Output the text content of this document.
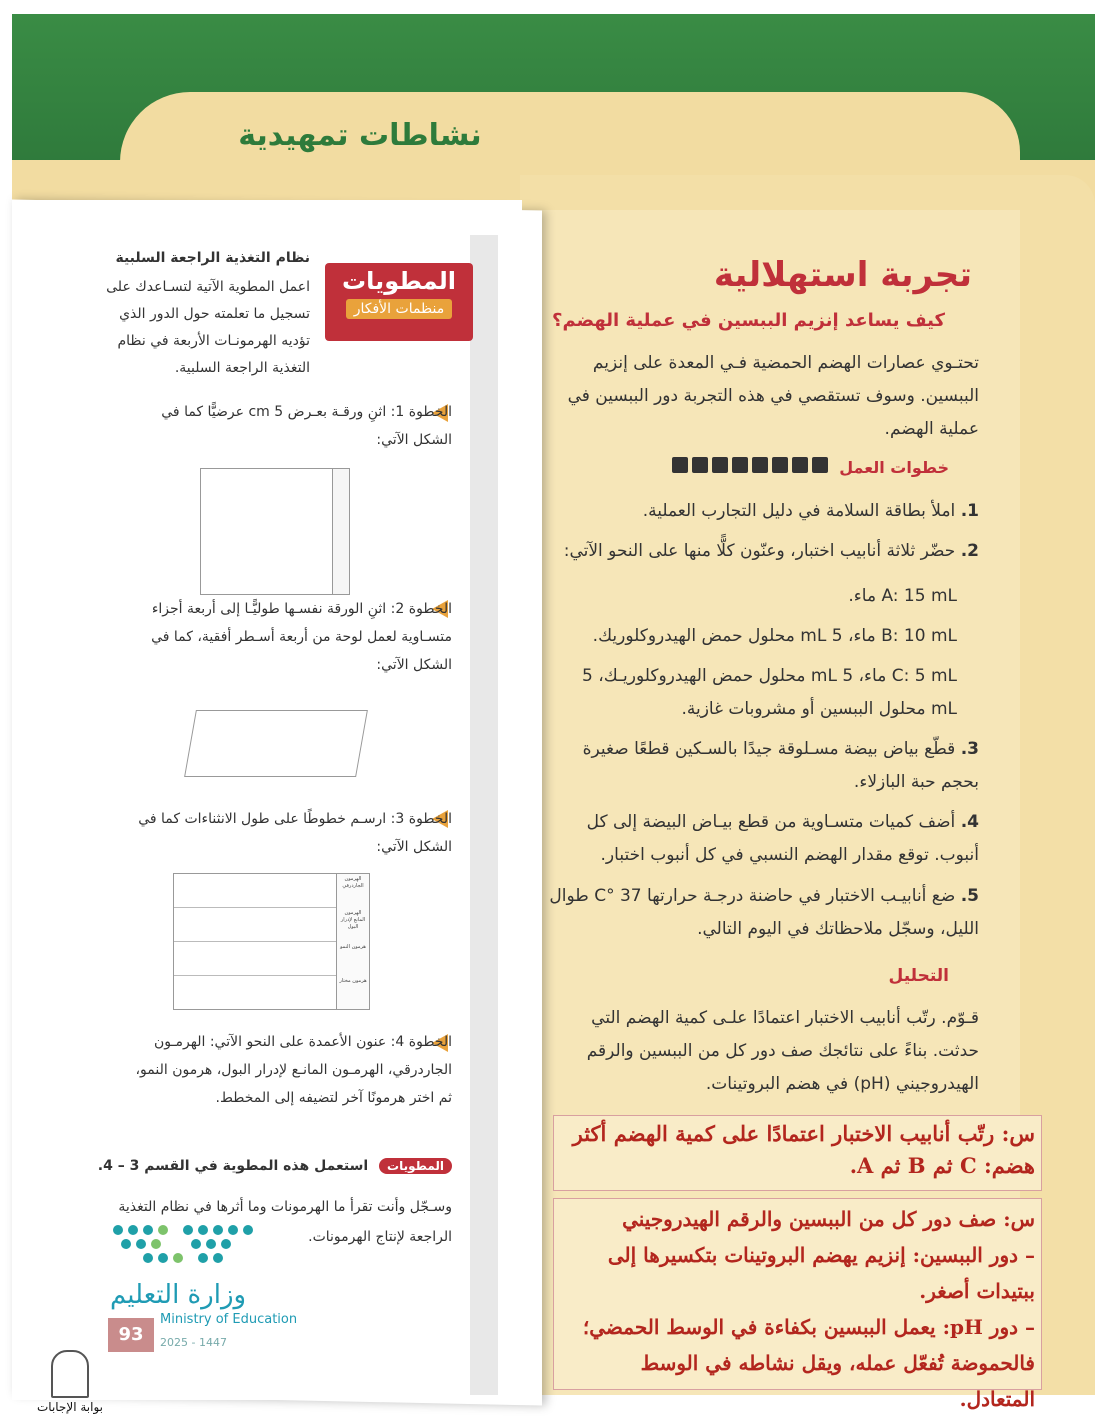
نشاطات تمهيدية
تجربة استهلالية
كيف يساعد إنزيم الببسين في عملية الهضم؟
تحتـوي عصارات الهضم الحمضية فـي المعدة على إنزيم الببسين. وسوف تستقصي في هذه التجربة دور الببسين في عملية الهضم.
خطوات العمل
1. املأ بطاقة السلامة في دليل التجارب العملية.
2. حضّر ثلاثة أنابيب اختبار، وعنّون كلًّا منها على النحو الآتي:
A: 15 mL ماء.
B: 10 mL ماء، 5 mL محلول حمض الهيدروكلوريك.
C: 5 mL ماء، 5 mL محلول حمض الهيدروكلوريـك، 5 mL محلول الببسين أو مشروبات غازية.
3. قطّع بياض بيضة مسـلوقة جيدًا بالسـكين قطعًا صغيرة بحجم حبة البازلاء.
4. أضف كميات متسـاوية من قطع بيـاض البيضة إلى كل أنبوب. توقع مقدار الهضم النسبي في كل أنبوب اختبار.
5. ضع أنابيـب الاختبار في حاضنة درجـة حرارتها 37 °C طوال الليل، وسجّل ملاحظاتك في اليوم التالي.
التحليل
قـوّم. رتّب أنابيب الاختبار اعتمادًا علـى كمية الهضم التي حدثت. بناءً على نتائجك صف دور كل من الببسين والرقم الهيدروجيني (pH) في هضم البروتينات.
س: رتّب أنابيب الاختبار اعتمادًا على كمية الهضم أكثر هضم: C ثم B ثم A.
س: صف دور كل من الببسين والرقم الهيدروجيني
– دور الببسين: إنزيم يهضم البروتينات بتكسيرها إلى ببتيدات أصغر.
– دور pH: يعمل الببسين بكفاءة في الوسط الحمضي؛ فالحموضة تُفعّل عمله، ويقل نشاطه في الوسط المتعادل.
المطويات
منظمات الأفكار
نظام التغذية الراجعة السلبية
اعمل المطوية الآتية لتسـاعدك على تسجيل ما تعلمته حول الدور الذي تؤديه الهرمونـات الأربعة في نظام التغذية الراجعة السلبية.
الخطوة 1: اثنِ ورقـة بعـرض 5 cm عرضيًّا كما في الشكل الآتي:
الخطوة 2: اثنِ الورقة نفسـها طوليًّـا إلى أربعة أجزاء متسـاوية لعمل لوحة من أربعة أسـطر أفقية، كما في الشكل الآتي:
الخطوة 3: ارسـم خطوطًا على طول الانثناءات كما في الشكل الآتي:
الهرمون الجاردرقي
الهرمون المانع لإدرار البول
هرمون النمو
هرمون مختار
الخطوة 4: عنون الأعمدة على النحو الآتي: الهرمـون الجاردرقي، الهرمـون المانـع لإدرار البول، هرمون النمو، ثم اختر هرمونًا آخر لتضيفه إلى المخطط.
المطويات استعمل هذه المطوية في القسم 3 – 4.
وسـجّل وأنت تقرأ ما الهرمونات وما أثرها في نظام التغذية الراجعة لإنتاج الهرمونات.
وزارة التعليم
Ministry of Education
2025 - 1447
93
بوابة الإجابات
